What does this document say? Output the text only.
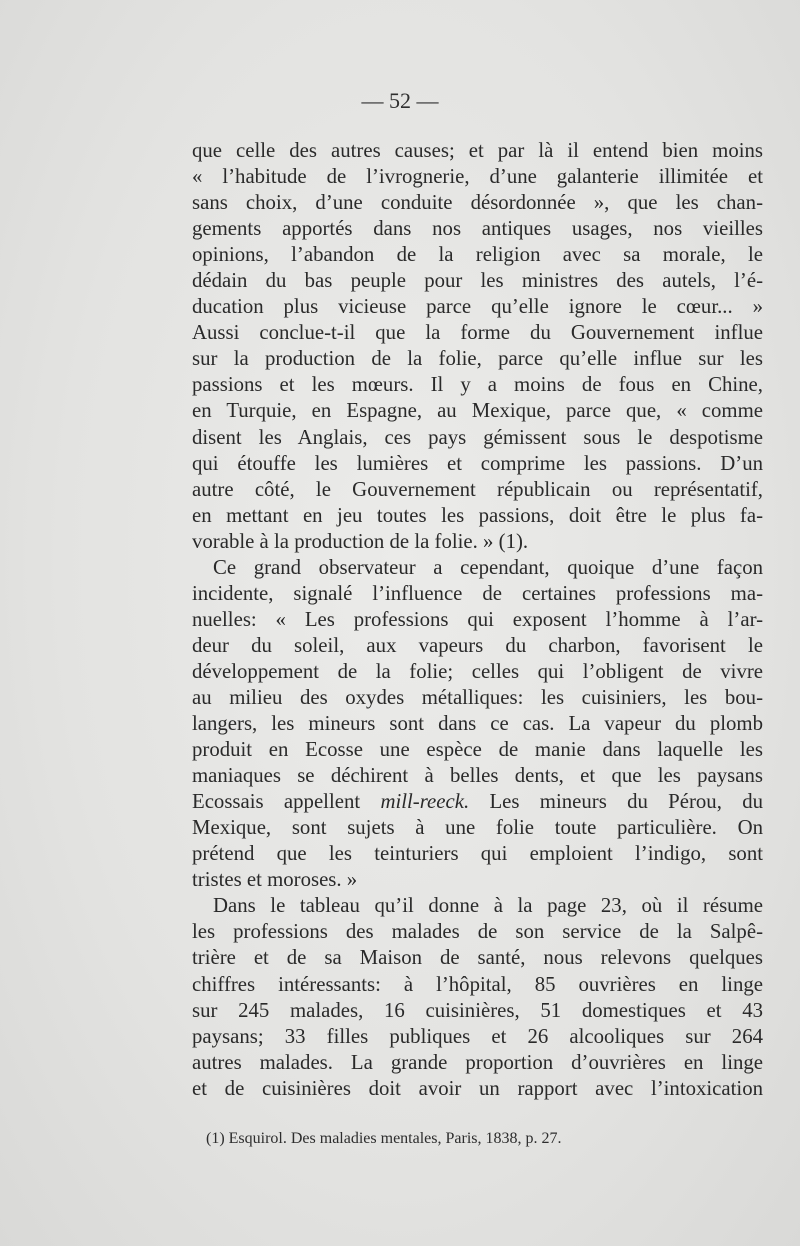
— 52 —
que celle des autres causes; et par là il entend bien moins
« l’habitude de l’ivrognerie, d’une galanterie illimitée et
sans choix, d’une conduite désordonnée », que les chan-
gements apportés dans nos antiques usages, nos vieilles
opinions, l’abandon de la religion avec sa morale, le
dédain du bas peuple pour les ministres des autels, l’é-
ducation plus vicieuse parce qu’elle ignore le cœur... »
Aussi conclue-t-il que la forme du Gouvernement influe
sur la production de la folie, parce qu’elle influe sur les
passions et les mœurs. Il y a moins de fous en Chine,
en Turquie, en Espagne, au Mexique, parce que, « comme
disent les Anglais, ces pays gémissent sous le despotisme
qui étouffe les lumières et comprime les passions. D’un
autre côté, le Gouvernement républicain ou représentatif,
en mettant en jeu toutes les passions, doit être le plus fa-
vorable à la production de la folie. » (1).
Ce grand observateur a cependant, quoique d’une façon
incidente, signalé l’influence de certaines professions ma-
nuelles: « Les professions qui exposent l’homme à l’ar-
deur du soleil, aux vapeurs du charbon, favorisent le
développement de la folie; celles qui l’obligent de vivre
au milieu des oxydes métalliques: les cuisiniers, les bou-
langers, les mineurs sont dans ce cas. La vapeur du plomb
produit en Ecosse une espèce de manie dans laquelle les
maniaques se déchirent à belles dents, et que les paysans
Ecossais appellent mill-reeck. Les mineurs du Pérou, du
Mexique, sont sujets à une folie toute particulière. On
prétend que les teinturiers qui emploient l’indigo, sont
tristes et moroses. »
Dans le tableau qu’il donne à la page 23, où il résume
les professions des malades de son service de la Salpê-
trière et de sa Maison de santé, nous relevons quelques
chiffres intéressants: à l’hôpital, 85 ouvrières en linge
sur 245 malades, 16 cuisinières, 51 domestiques et 43
paysans; 33 filles publiques et 26 alcooliques sur 264
autres malades. La grande proportion d’ouvrières en linge
et de cuisinières doit avoir un rapport avec l’intoxication
(1) Esquirol. Des maladies mentales, Paris, 1838, p. 27.
